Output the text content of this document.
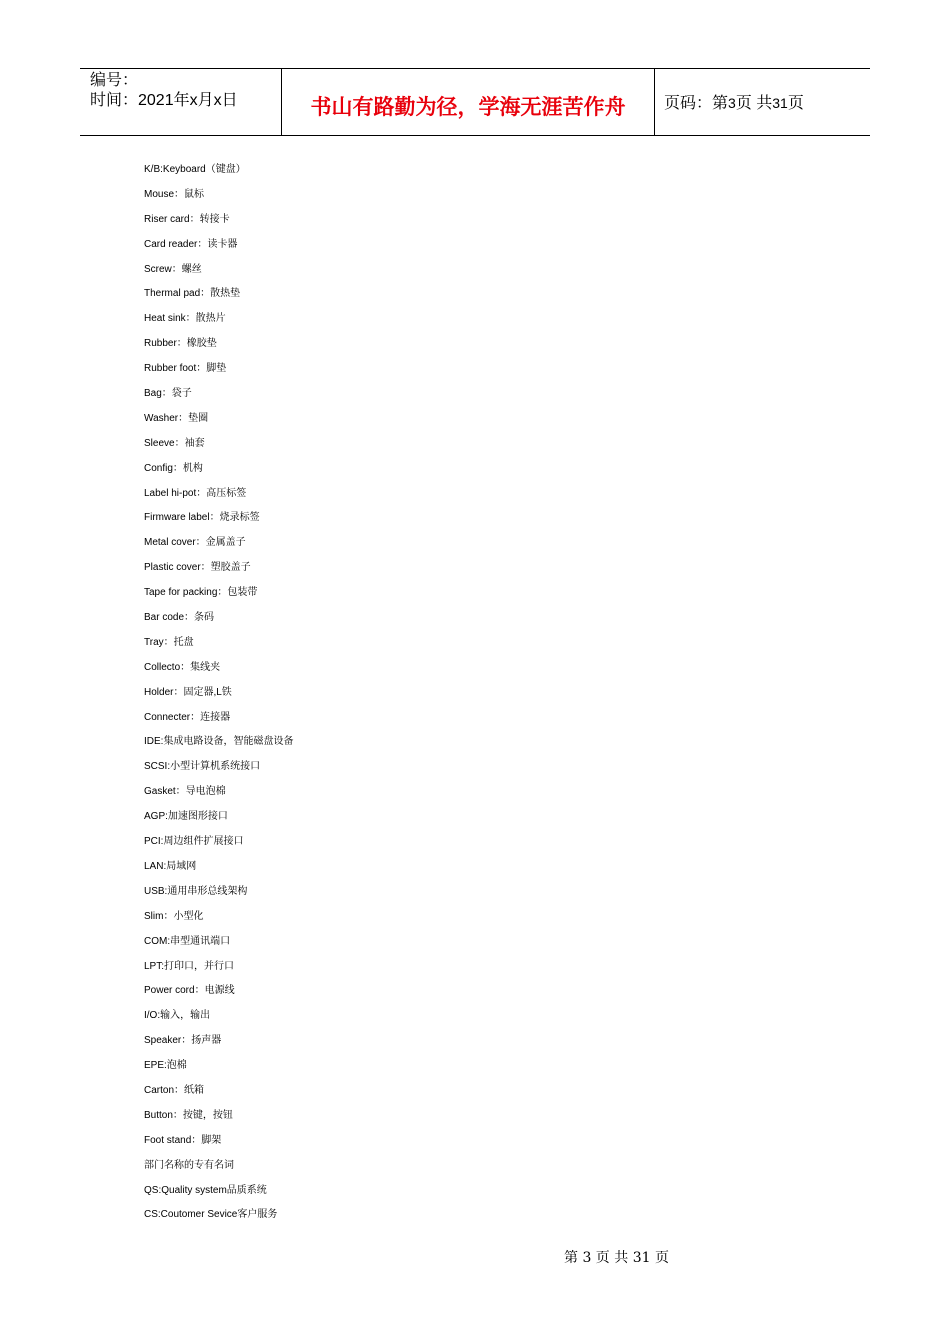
编号：
时间：2021年x月x日	书山有路勤为径，学海无涯苦作舟	页码：第3页 共31页
K/B:Keyboard（键盘）
Mouse：鼠标
Riser card：转接卡
Card reader：读卡器
Screw：螺丝
Thermal pad：散热垫
Heat sink：散热片
Rubber：橡胶垫
Rubber foot：脚垫
Bag：袋子
Washer：垫圈
Sleeve：袖套
Config：机构
Label hi-pot：高压标签
Firmware label：烧录标签
Metal cover：金属盖子
Plastic cover：塑胶盖子
Tape for packing：包装带
Bar code：条码
Tray：托盘
Collecto：集线夹
Holder：固定器,L铁
Connecter：连接器
IDE:集成电路设备，智能磁盘设备
SCSI:小型计算机系统接口
Gasket：导电泡棉
AGP:加速图形接口
PCI:周边组件扩展接口
LAN:局域网
USB:通用串形总线架构
Slim：小型化
COM:串型通讯端口
LPT:打印口，并行口
Power cord：电源线
I/O:输入，输出
Speaker：扬声器
EPE:泡棉
Carton：纸箱
Button：按键，按钮
Foot stand：脚架
部门名称的专有名词
QS:Quality system品质系统
CS:Coutomer Sevice客户服务
第 3 页 共 31 页
